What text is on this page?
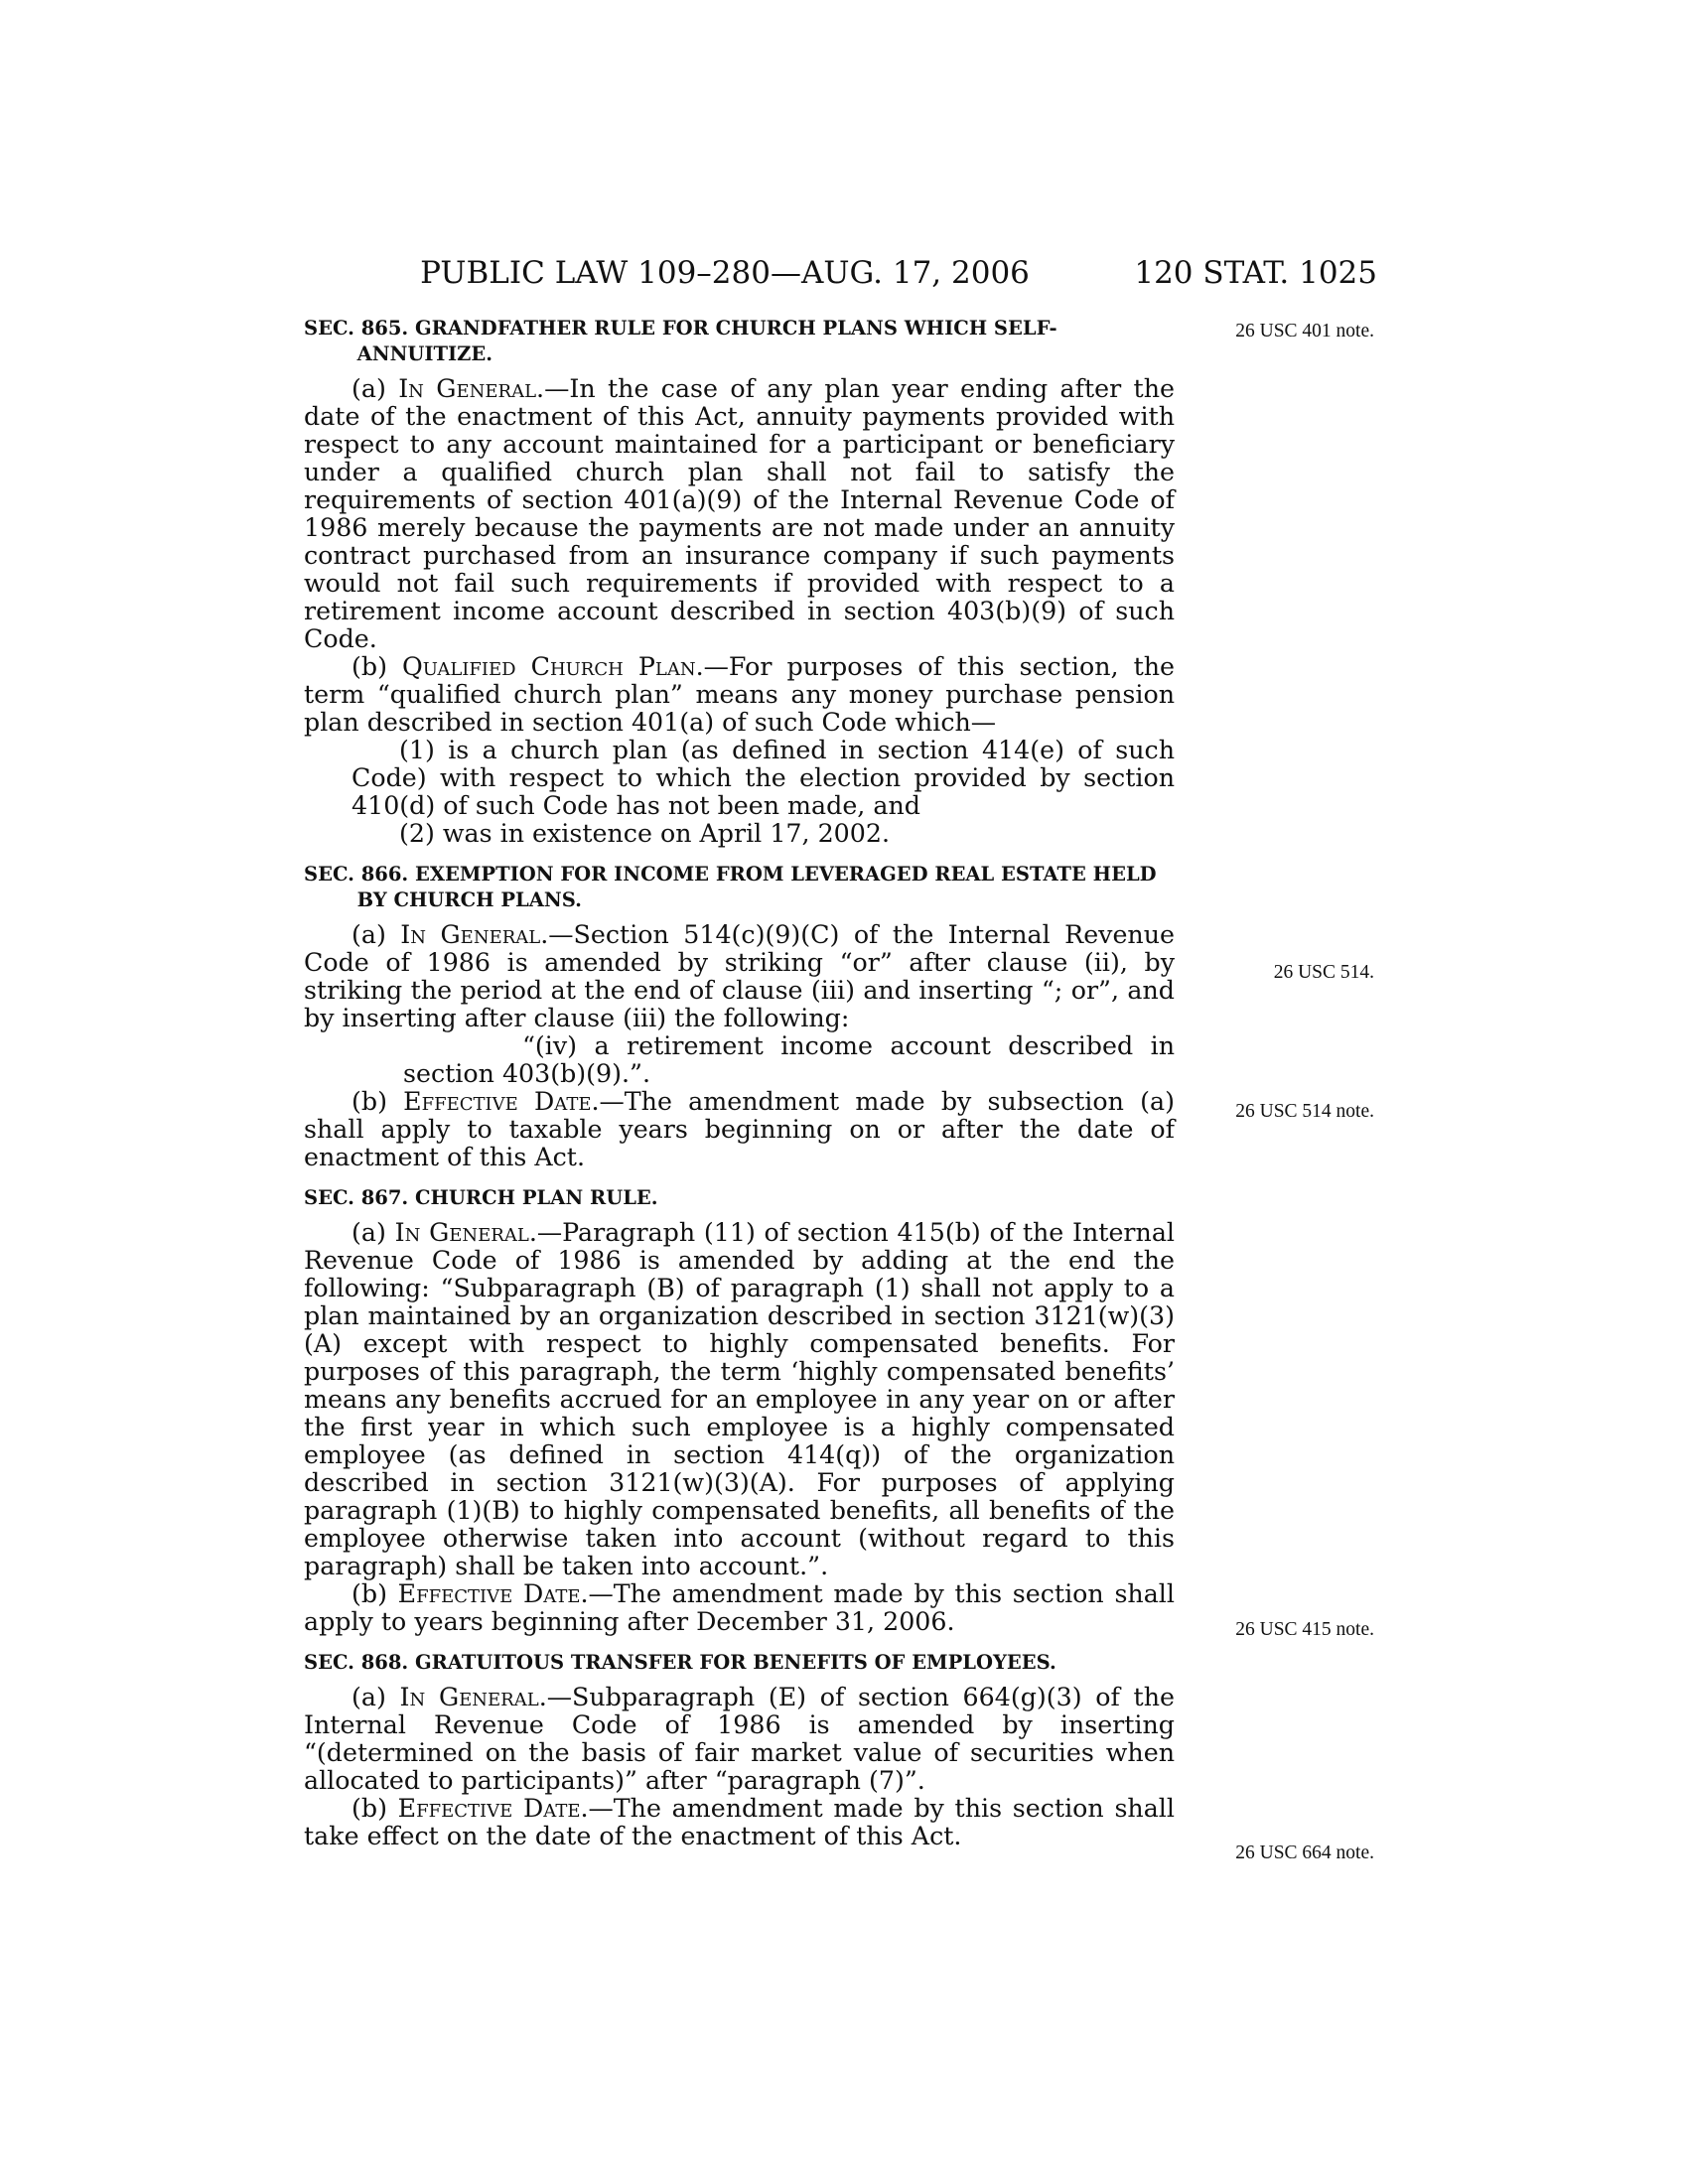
PUBLIC LAW 109–280—AUG. 17, 2006	120 STAT. 1025
26 USC 401 note.
26 USC 514.
26 USC 514 note.
26 USC 415 note.
26 USC 664 note.
SEC. 865. GRANDFATHER RULE FOR CHURCH PLANS WHICH SELF-ANNUITIZE.

(a) In General.—In the case of any plan year ending after the date of the enactment of this Act, annuity payments provided with respect to any account maintained for a participant or beneficiary under a qualified church plan shall not fail to satisfy the requirements of section 401(a)(9) of the Internal Revenue Code of 1986 merely because the payments are not made under an annuity contract purchased from an insurance company if such payments would not fail such requirements if provided with respect to a retirement income account described in section 403(b)(9) of such Code.

(b) Qualified Church Plan.—For purposes of this section, the term “qualified church plan” means any money purchase pension plan described in section 401(a) of such Code which—

(1) is a church plan (as defined in section 414(e) of such Code) with respect to which the election provided by section 410(d) of such Code has not been made, and

(2) was in existence on April 17, 2002.

SEC. 866. EXEMPTION FOR INCOME FROM LEVERAGED REAL ESTATE HELD BY CHURCH PLANS.

(a) In General.—Section 514(c)(9)(C) of the Internal Revenue Code of 1986 is amended by striking “or” after clause (ii), by striking the period at the end of clause (iii) and inserting “; or”, and by inserting after clause (iii) the following:

“(iv) a retirement income account described in section 403(b)(9).”.

(b) Effective Date.—The amendment made by subsection (a) shall apply to taxable years beginning on or after the date of enactment of this Act.

SEC. 867. CHURCH PLAN RULE.

(a) In General.—Paragraph (11) of section 415(b) of the Internal Revenue Code of 1986 is amended by adding at the end the following: “Subparagraph (B) of paragraph (1) shall not apply to a plan maintained by an organization described in section 3121(w)(3)(A) except with respect to highly compensated benefits. For purposes of this paragraph, the term ‘highly compensated benefits’ means any benefits accrued for an employee in any year on or after the first year in which such employee is a highly compensated employee (as defined in section 414(q)) of the organization described in section 3121(w)(3)(A). For purposes of applying paragraph (1)(B) to highly compensated benefits, all benefits of the employee otherwise taken into account (without regard to this paragraph) shall be taken into account.”.

(b) Effective Date.—The amendment made by this section shall apply to years beginning after December 31, 2006.

SEC. 868. GRATUITOUS TRANSFER FOR BENEFITS OF EMPLOYEES.

(a) In General.—Subparagraph (E) of section 664(g)(3) of the Internal Revenue Code of 1986 is amended by inserting “(determined on the basis of fair market value of securities when allocated to participants)” after “paragraph (7)”.

(b) Effective Date.—The amendment made by this section shall take effect on the date of the enactment of this Act.
